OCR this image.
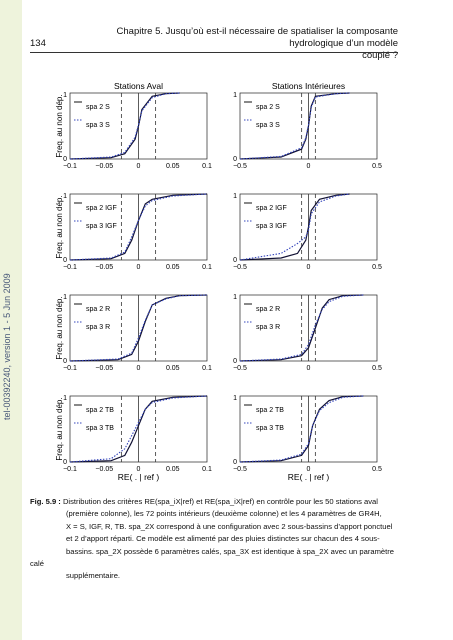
tel-00392240, version 1 - 5 Jun 2009
Chapitre 5. Jusqu’où est-il nécessaire de spatialiser la composante hydrologique d’un modèle
couplé ?
134
Stations Aval	Stations Intérieures
spa 2 S
spa 3 S
1
0
−0.1	−0.05	0	0.05	0.1
Freq. au non dép.	spa 2 S
spa 3 S
1
0
−0.5	0	0.5
spa 2 IGF
spa 3 IGF
1
0
−0.1	−0.05	0	0.05	0.1
Freq. au non dép.	spa 2 IGF
spa 3 IGF
1
0
−0.5	0	0.5
spa 2 R
spa 3 R
1
0
−0.1	−0.05	0	0.05	0.1
Freq. au non dép.	spa 2 R
spa 3 R
1
0
−0.5	0	0.5
spa 2 TB
spa 3 TB
1
0
−0.1	−0.05	0	0.05	0.1
Freq. au non dép.	spa 2 TB
spa 3 TB
1
0
−0.5	0	0.5
RE( . | ref )	RE( . | ref )
Fig. 5.9 : Distribution des critères RE(spa_iX|ref) et RE(spa_iX|ref) en contrôle pour les 50 stations aval
(première colonne), les 72 points intérieurs (deuxième colonne) et les 4 paramètres de GR4H,
X = S, IGF, R, TB. spa_2X correspond à une configuration avec 2 sous-bassins d’apport ponctuel
et 2 d’apport réparti. Ce modèle est alimenté par des pluies distinctes sur chacun des 4 sous-
bassins. spa_2X possède 6 paramètres calés, spa_3X est identique à spa_2X avec un paramètre calé
supplémentaire.
